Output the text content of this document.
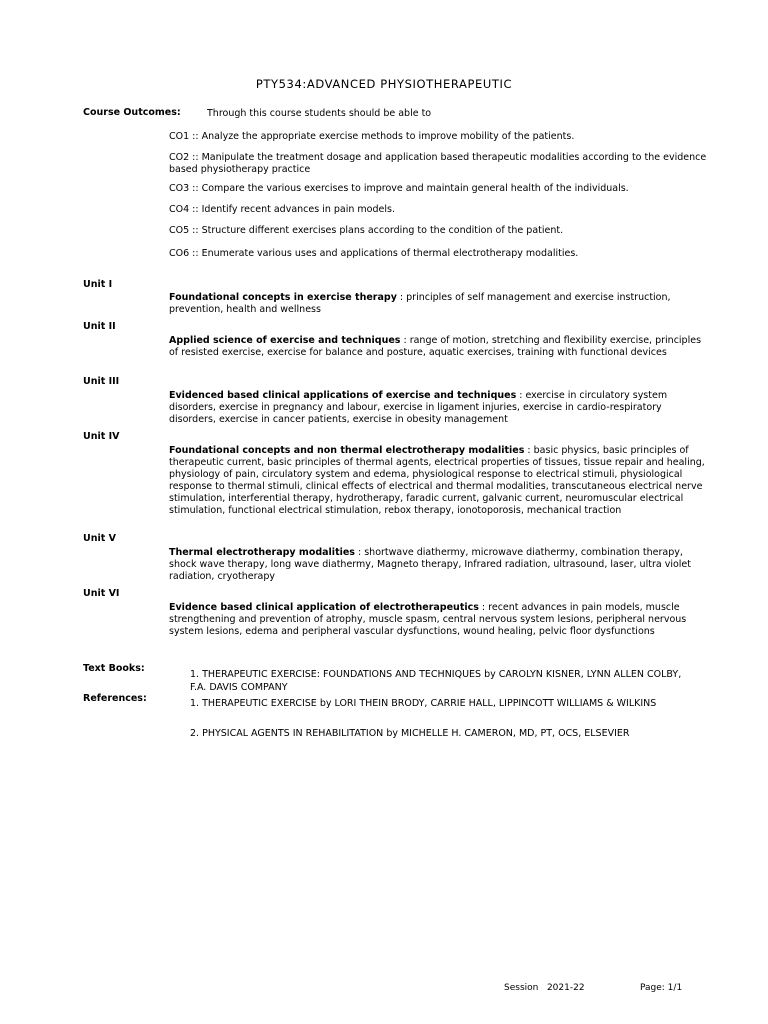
PTY534:ADVANCED PHYSIOTHERAPEUTIC
Course Outcomes:	Through this course students should be able to
CO1 :: Analyze the appropriate exercise methods to improve mobility of the patients.
CO2 :: Manipulate the treatment dosage and application based therapeutic modalities according to the evidence based physiotherapy practice
CO3 :: Compare the various exercises to improve and maintain general health of the individuals.
CO4 :: Identify recent advances in pain models.
CO5 :: Structure different exercises plans according to the condition of the patient.
CO6 :: Enumerate various uses and applications of thermal electrotherapy modalities.
Unit I
Foundational concepts in exercise therapy : principles of self management and exercise instruction, prevention, health and wellness
Unit II
Applied science of exercise and techniques : range of motion, stretching and flexibility exercise, principles of resisted exercise, exercise for balance and posture, aquatic exercises, training with functional devices
Unit III
Evidenced based clinical applications of exercise and techniques : exercise in circulatory system disorders, exercise in pregnancy and labour, exercise in ligament injuries, exercise in cardio-respiratory disorders, exercise in cancer patients, exercise in obesity management
Unit IV
Foundational concepts and non thermal electrotherapy modalities : basic physics, basic principles of therapeutic current, basic principles of thermal agents, electrical properties of tissues, tissue repair and healing, physiology of pain, circulatory system and edema, physiological response to electrical stimuli, physiological response to thermal stimuli, clinical effects of electrical and thermal modalities, transcutaneous electrical nerve stimulation, interferential therapy, hydrotherapy, faradic current, galvanic current, neuromuscular electrical stimulation, functional electrical stimulation, rebox therapy, ionotoporosis, mechanical traction
Unit V
Thermal electrotherapy modalities : shortwave diathermy, microwave diathermy, combination therapy, shock wave therapy, long wave diathermy, Magneto therapy, Infrared radiation, ultrasound, laser, ultra violet radiation, cryotherapy
Unit VI
Evidence based clinical application of electrotherapeutics : recent advances in pain models, muscle strengthening and prevention of atrophy, muscle spasm, central nervous system lesions, peripheral nervous system lesions, edema and peripheral vascular dysfunctions, wound healing, pelvic floor dysfunctions
Text Books:
1. THERAPEUTIC EXERCISE: FOUNDATIONS AND TECHNIQUES by CAROLYN KISNER, LYNN ALLEN COLBY, F.A. DAVIS COMPANY
References:	1. THERAPEUTIC EXERCISE by LORI THEIN BRODY, CARRIE HALL, LIPPINCOTT WILLIAMS & WILKINS
2. PHYSICAL AGENTS IN REHABILITATION by MICHELLE H. CAMERON, MD, PT, OCS, ELSEVIER
Session 2021-22	Page: 1/1
